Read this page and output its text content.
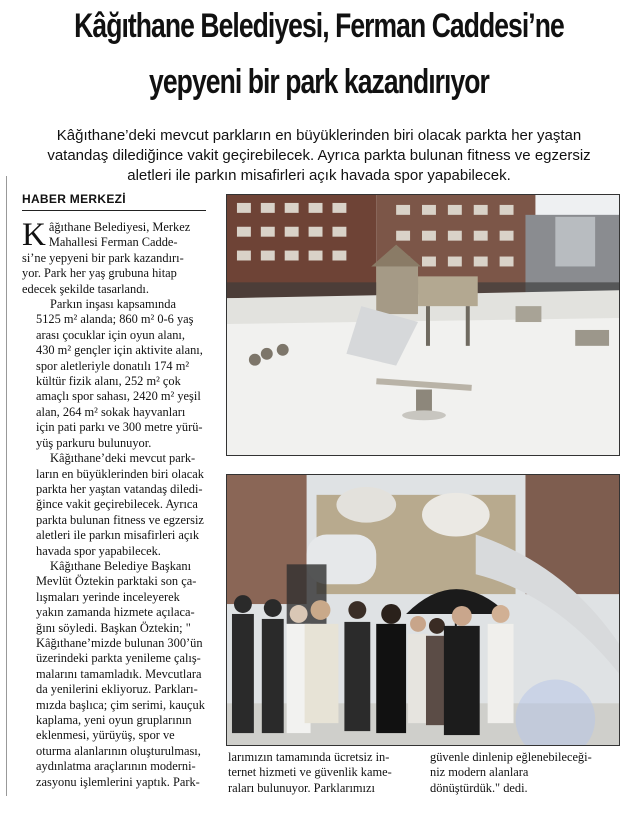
Kâğıthane Belediyesi, Ferman Caddesi’ne
yepyeni bir park kazandırıyor
Kâğıthane’deki mevcut parkların en büyüklerinden biri olacak parkta her yaştan
vatandaş dilediğince vakit geçirebilecek. Ayrıca parkta bulunan fitness ve egzersiz
aletleri ile parkın misafirleri açık havada spor yapabilecek.
HABER MERKEZİ

K âğıthane Belediyesi, Merkez
Mahallesi Ferman Cadde-
si’ne yepyeni bir park kazandırı-
yor. Park her yaş grubuna hitap
edecek şekilde tasarlandı.

Parkın inşası kapsamında
5125 m² alanda; 860 m² 0-6 yaş
arası çocuklar için oyun alanı,
430 m² gençler için aktivite alanı,
spor aletleriyle donatılı 174 m²
kültür fizik alanı, 252 m² çok
amaçlı spor sahası, 2420 m² yeşil
alan, 264 m² sokak hayvanları
için pati parkı ve 300 metre yürü-
yüş parkuru bulunuyor.

Kâğıthane’deki mevcut park-
ların en büyüklerinden biri olacak
parkta her yaştan vatandaş diledi-
ğince vakit geçirebilecek. Ayrıca
parkta bulunan fitness ve egzersiz
aletleri ile parkın misafirleri açık
havada spor yapabilecek.

Kâğıthane Belediye Başkanı
Mevlüt Öztekin parktaki son ça-
lışmaları yerinde inceleyerek
yakın zamanda hizmete açılaca-
ğını söyledi. Başkan Öztekin; "
Kâğıthane’mizde bulunan 300’ün
üzerindeki parkta yenileme çalış-
malarını tamamladık. Mevcutlara
da yenilerini ekliyoruz. Parkları-
mızda başlıca; çim serimi, kauçuk
kaplama, yeni oyun gruplarının
eklenmesi, yürüyüş, spor ve
oturma alanlarının oluşturulması,
aydınlatma araçlarının moderni-
zasyonu işlemlerini yaptık. Park-

larımızın tamamında ücretsiz in-
ternet hizmeti ve güvenlik kame-
raları bulunuyor. Parklarımızı
güvenle dinlenip eğlenebileceği-
niz modern alanlara
dönüştürdük." dedi.
